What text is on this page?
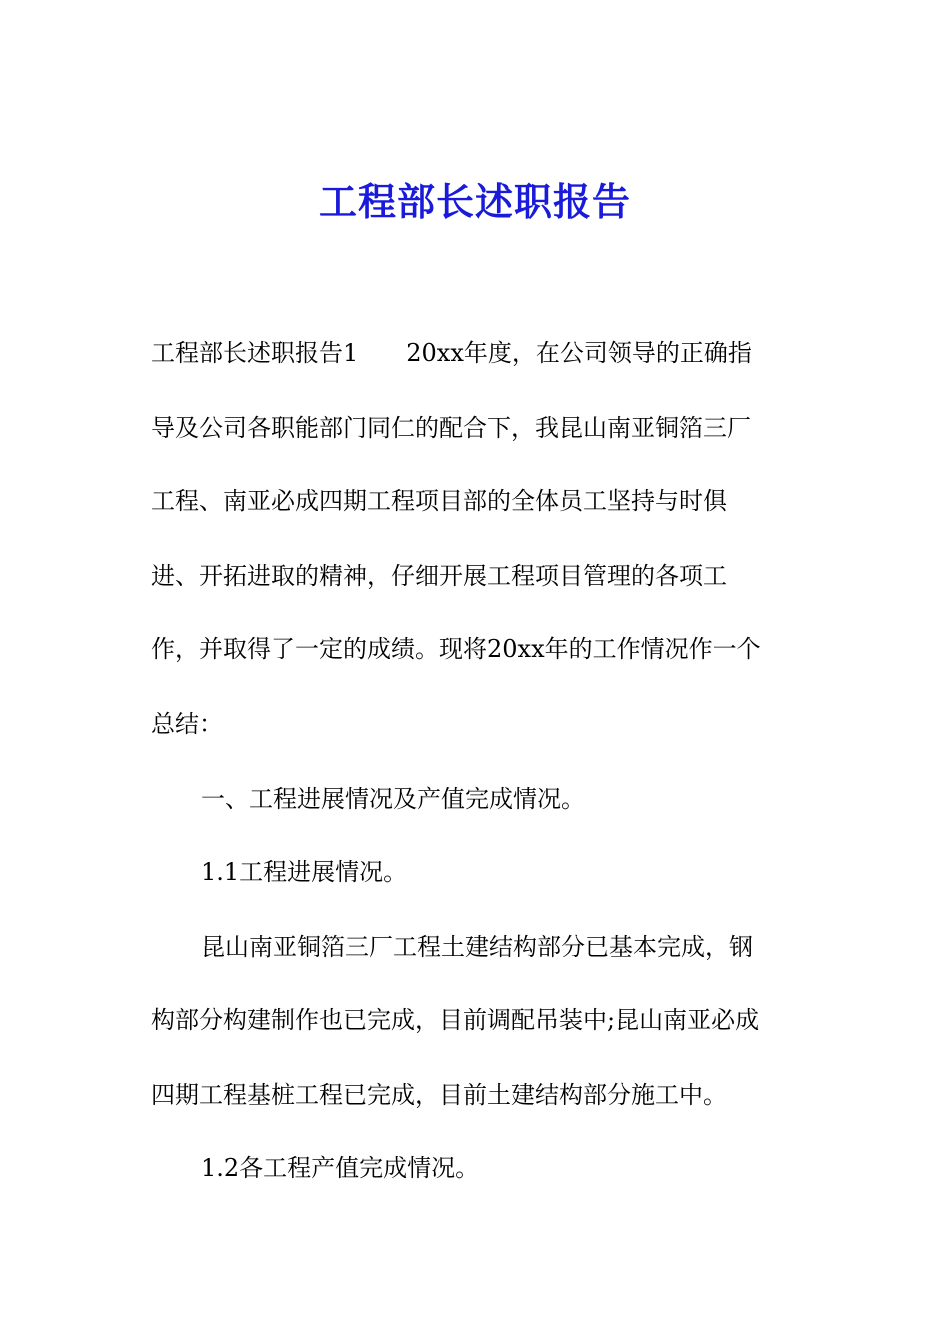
工程部长述职报告

工程部长述职报告1　　20xx年度，在公司领导的正确指

导及公司各职能部门同仁的配合下，我昆山南亚铜箔三厂

工程、南亚必成四期工程项目部的全体员工坚持与时俱

进、开拓进取的精神，仔细开展工程项目管理的各项工

作，并取得了一定的成绩。现将20xx年的工作情况作一个

总结：

一、工程进展情况及产值完成情况。

1.1工程进展情况。

昆山南亚铜箔三厂工程土建结构部分已基本完成，钢

构部分构建制作也已完成，目前调配吊装中;昆山南亚必成

四期工程基桩工程已完成，目前土建结构部分施工中。

1.2各工程产值完成情况。
